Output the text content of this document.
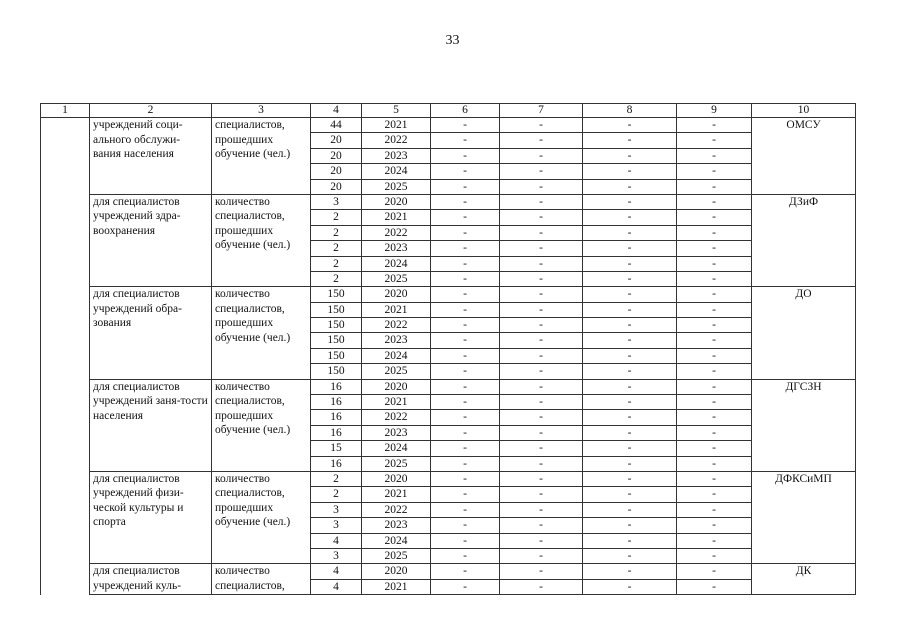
33
1	2	3	4	5	6	7	8	9	10
	учреждений соци-ального обслужи-вания населения	специалистов, прошедших обучение (чел.)	44	2021	-	-	-	-	ОМСУ
			20	2022	-	-	-	-	
			20	2023	-	-	-	-	
			20	2024	-	-	-	-	
			20	2025	-	-	-	-	
	для специалистов учреждений здра-воохранения	количество специалистов, прошедших обучение (чел.)	3	2020	-	-	-	-	ДЗиФ
			2	2021	-	-	-	-	
			2	2022	-	-	-	-	
			2	2023	-	-	-	-	
			2	2024	-	-	-	-	
			2	2025	-	-	-	-	
	для специалистов учреждений обра-зования	количество специалистов, прошедших обучение (чел.)	150	2020	-	-	-	-	ДО
			150	2021	-	-	-	-	
			150	2022	-	-	-	-	
			150	2023	-	-	-	-	
			150	2024	-	-	-	-	
			150	2025	-	-	-	-	
	для специалистов учреждений заня-тости населения	количество специалистов, прошедших обучение (чел.)	16	2020	-	-	-	-	ДГСЗН
			16	2021	-	-	-	-	
			16	2022	-	-	-	-	
			16	2023	-	-	-	-	
			15	2024	-	-	-	-	
			16	2025	-	-	-	-	
	для специалистов учреждений физи-ческой культуры и спорта	количество специалистов, прошедших обучение (чел.)	2	2020	-	-	-	-	ДФКСиМП
			2	2021	-	-	-	-	
			3	2022	-	-	-	-	
			3	2023	-	-	-	-	
			4	2024	-	-	-	-	
			3	2025	-	-	-	-	
	для специалистов учреждений куль-	количество специалистов,	4	2020	-	-	-	-	ДК
			4	2021	-	-	-	-	
